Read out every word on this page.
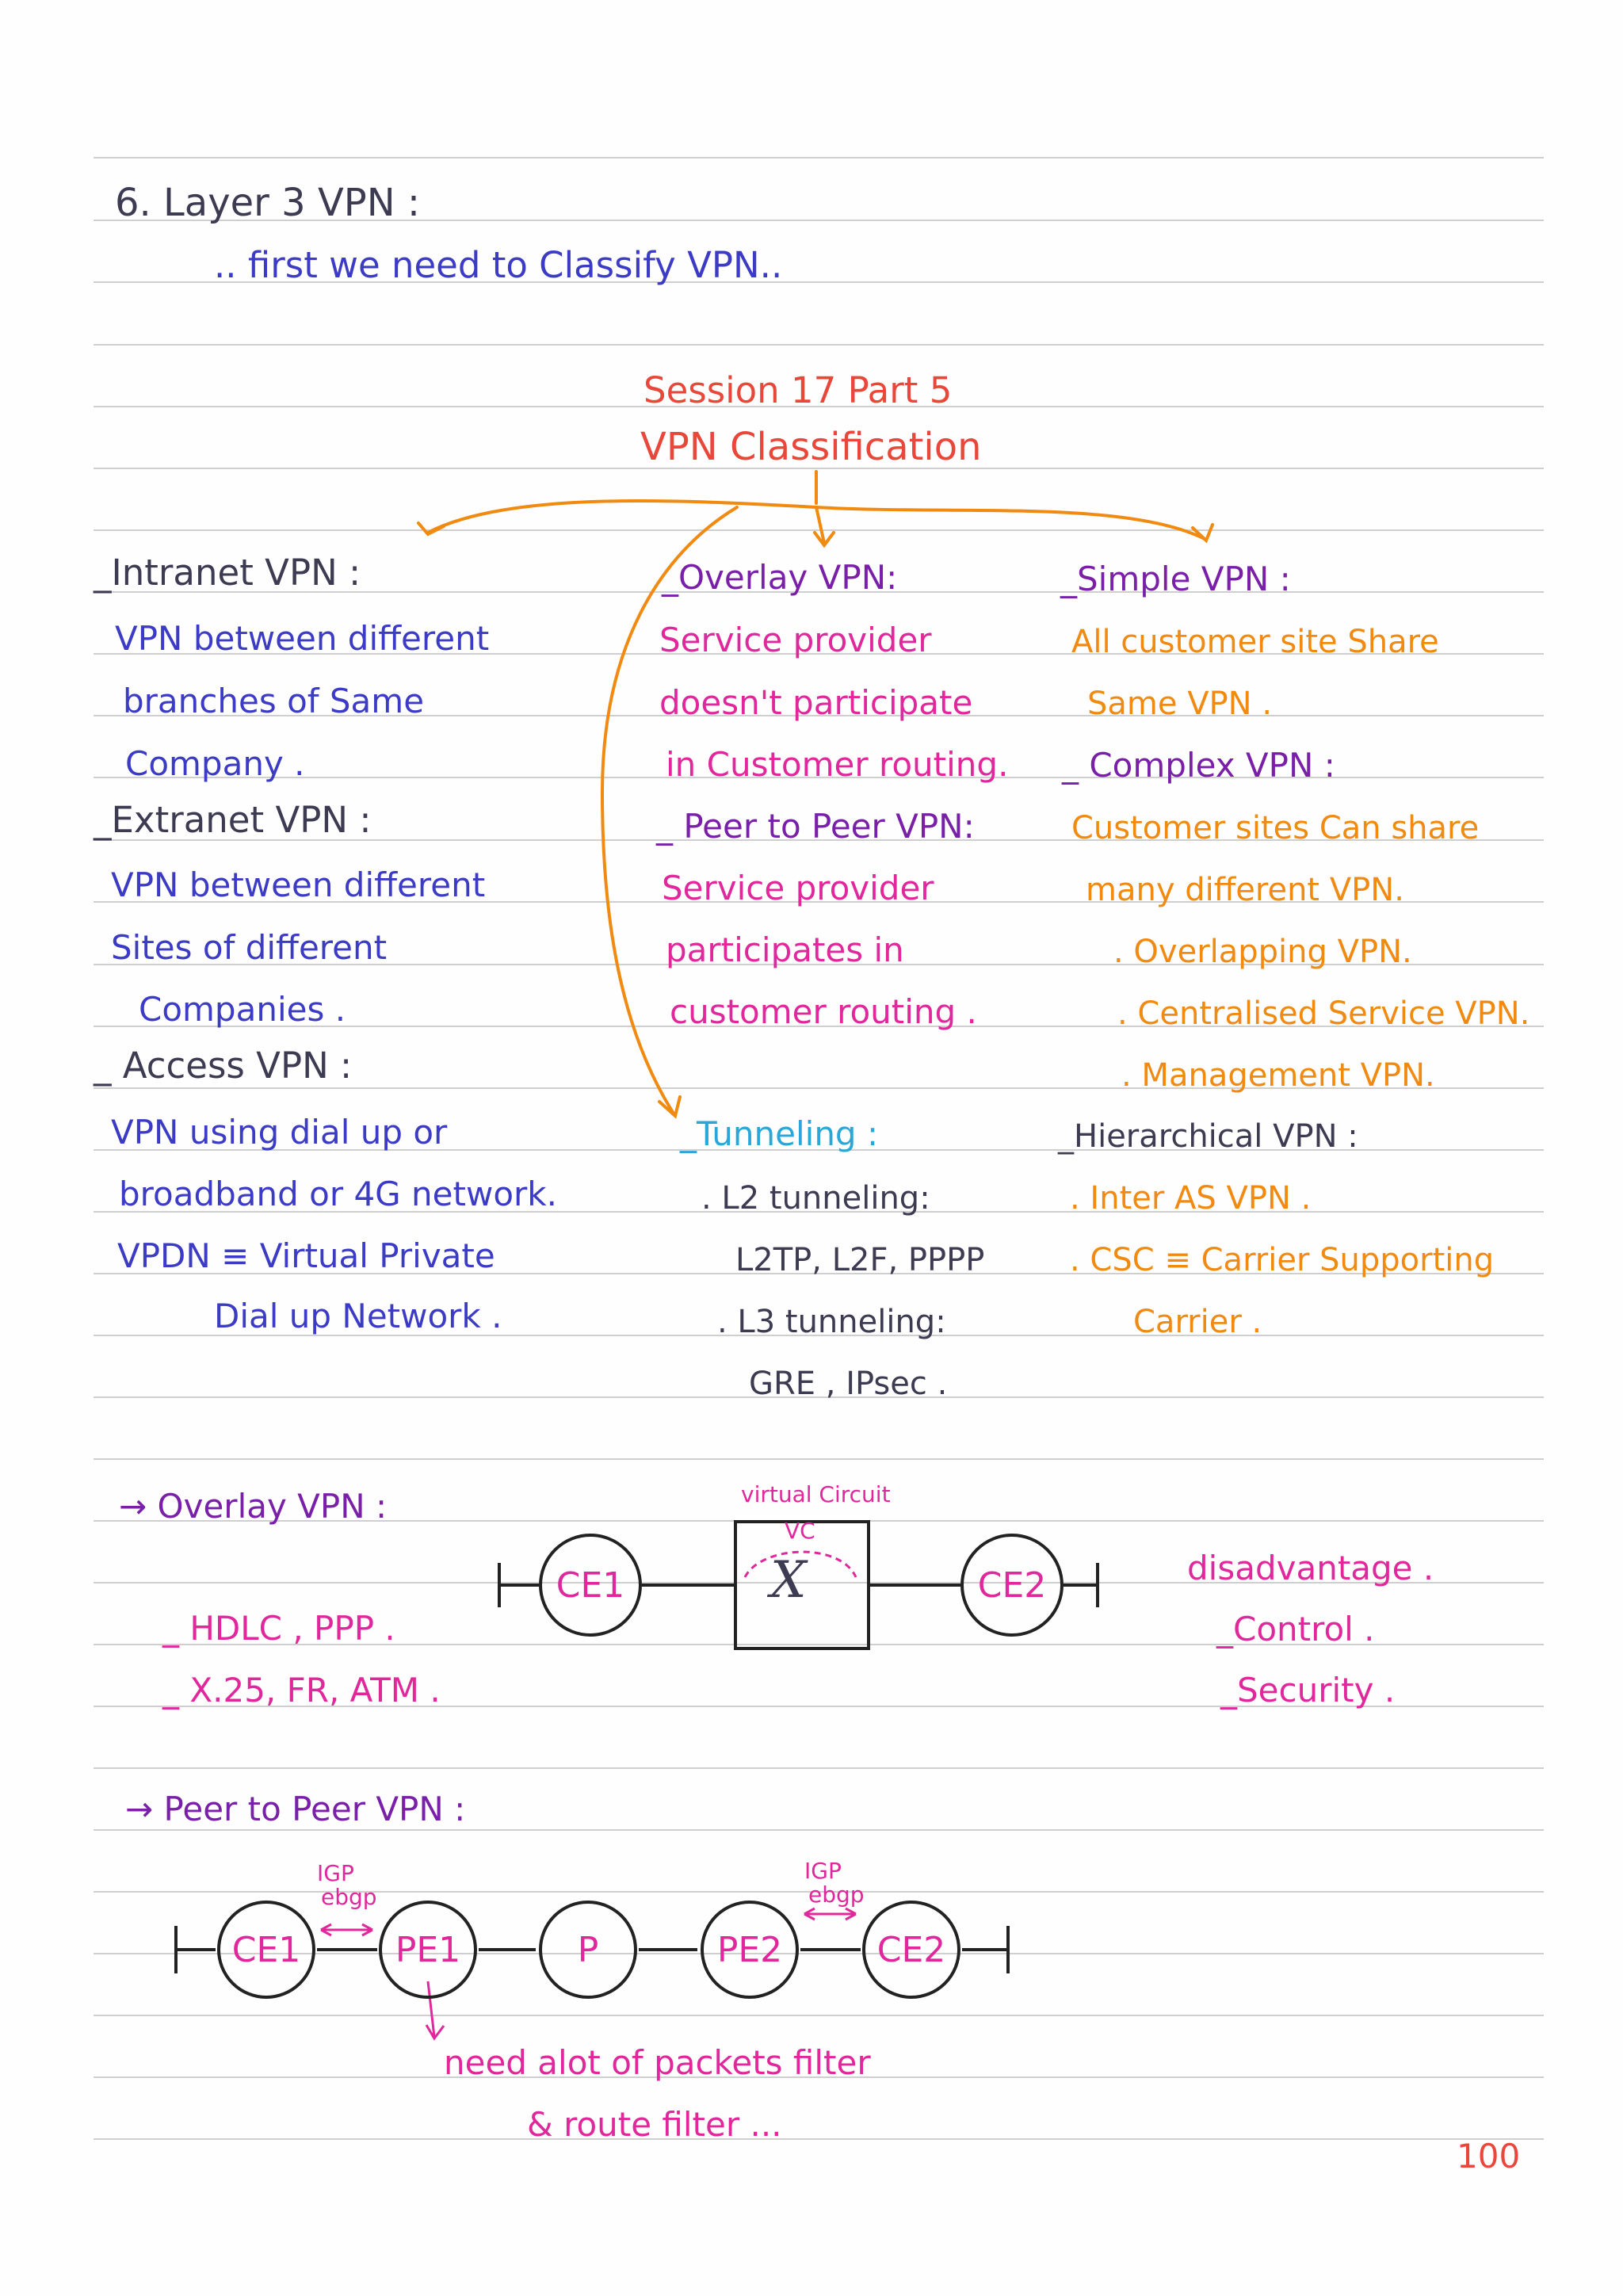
6. Layer 3 VPN :
.. first we need to Classify VPN..
Session 17 Part 5
VPN Classification
_Intranet VPN :
VPN between different
branches of Same
Company .
_Extranet VPN :
VPN between different
Sites of different
Companies .
_ Access VPN :
VPN using dial up or
broadband or 4G network.
VPDN ≡ Virtual Private
Dial up Network .
_Overlay VPN:
Service provider
doesn't participate
in Customer routing.
_ Peer to Peer VPN:
Service provider
participates in
customer routing .
_Tunneling :
. L2 tunneling:
L2TP, L2F, PPPP
. L3 tunneling:
GRE , IPsec .
_Simple VPN :
All customer site Share
Same VPN .
_ Complex VPN :
Customer sites Can share
many different VPN.
. Overlapping VPN.
. Centralised Service VPN.
. Management VPN.
_Hierarchical VPN :
. Inter AS VPN .
. CSC ≡ Carrier Supporting
Carrier .
→ Overlay VPN :	virtual Circuit
VC
X
CE1	CE2
_ HDLC , PPP .
_ X.25, FR, ATM .
disadvantage .
_Control .
_Security .
→ Peer to Peer VPN :
IGP
ebgp
IGP
ebgp
CE1	PE1	P	PE2	CE2
need alot of packets filter
& route filter ...
100
